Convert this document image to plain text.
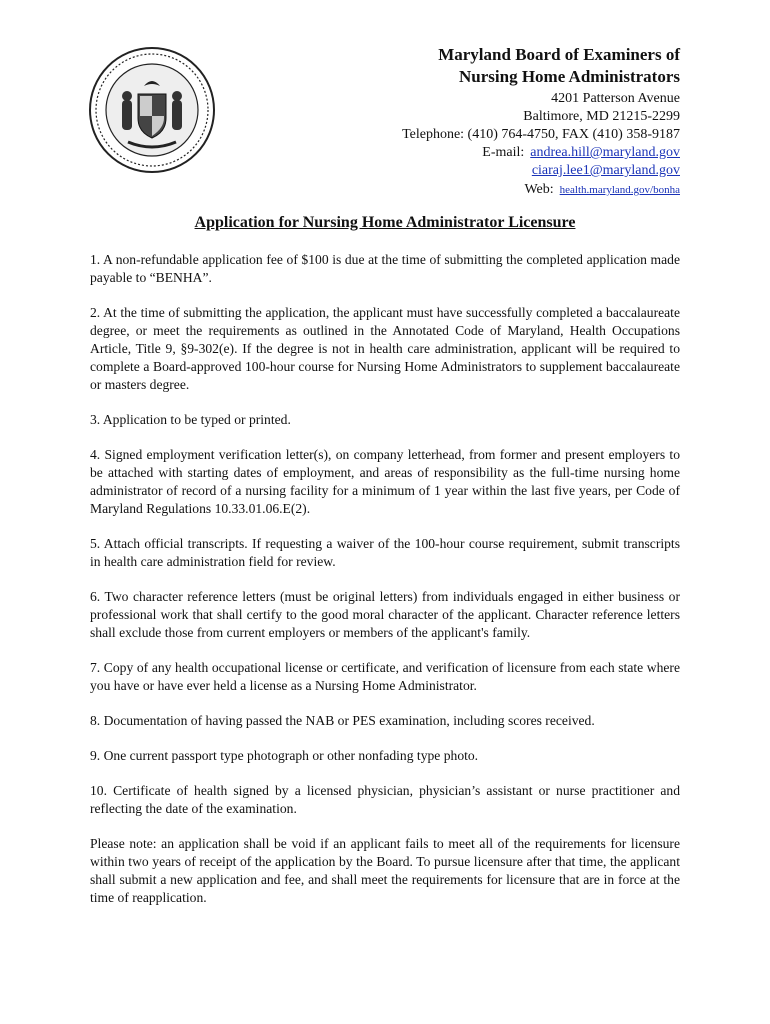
Maryland Board of Examiners of
Nursing Home Administrators

4201 Patterson Avenue

Baltimore, MD 21215-2299

Telephone: (410) 764-4750, FAX (410) 358-9187

E-mail: andrea.hill@maryland.gov
ciaraj.lee1@maryland.gov
Web: health.maryland.gov/bonha
Application for Nursing Home Administrator Licensure

1. A non-refundable application fee of $100 is due at the time of submitting the completed application made payable to “BENHA”.

2. At the time of submitting the application, the applicant must have successfully completed a baccalaureate degree, or meet the requirements as outlined in the Annotated Code of Maryland, Health Occupations Article, Title 9, §9-302(e). If the degree is not in health care administration, applicant will be required to complete a Board-approved 100-hour course for Nursing Home Administrators to supplement baccalaureate or masters degree.

3. Application to be typed or printed.

4. Signed employment verification letter(s), on company letterhead, from former and present employers to be attached with starting dates of employment, and areas of responsibility as the full-time nursing home administrator of record of a nursing facility for a minimum of 1 year within the last five years, per Code of Maryland Regulations 10.33.01.06.E(2).

5. Attach official transcripts. If requesting a waiver of the 100-hour course requirement, submit transcripts in health care administration field for review.

6. Two character reference letters (must be original letters) from individuals engaged in either business or professional work that shall certify to the good moral character of the applicant. Character reference letters shall exclude those from current employers or members of the applicant's family.

7. Copy of any health occupational license or certificate, and verification of licensure from each state where you have or have ever held a license as a Nursing Home Administrator.

8. Documentation of having passed the NAB or PES examination, including scores received.

9. One current passport type photograph or other nonfading type photo.

10. Certificate of health signed by a licensed physician, physician’s assistant or nurse practitioner and reflecting the date of the examination.

Please note: an application shall be void if an applicant fails to meet all of the requirements for licensure within two years of receipt of the application by the Board. To pursue licensure after that time, the applicant shall submit a new application and fee, and shall meet the requirements for licensure that are in force at the time of reapplication.
